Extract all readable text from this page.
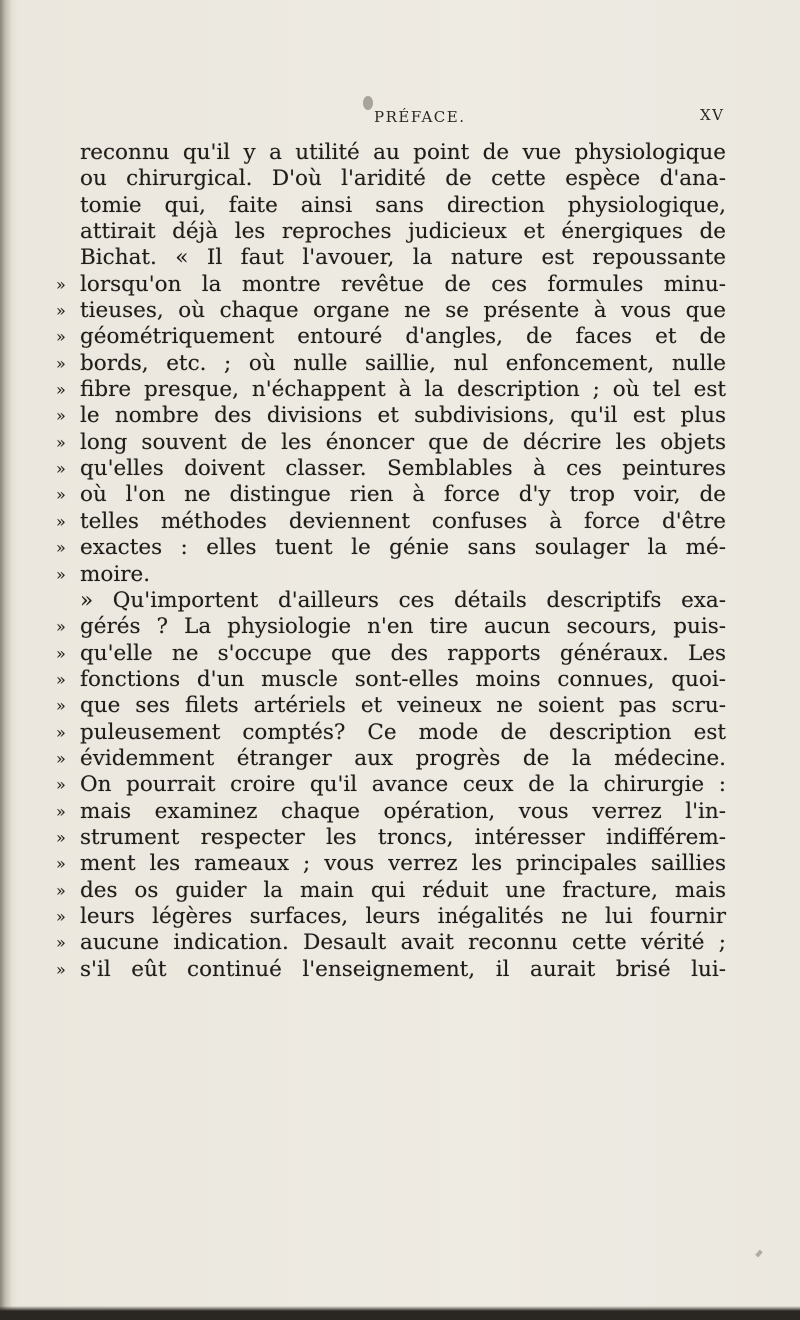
PRÉFACE.	XV
reconnu qu'il y a utilité au point de vue physiologique
ou chirurgical. D'où l'aridité de cette espèce d'ana-
tomie qui, faite ainsi sans direction physiologique,
attirait déjà les reproches judicieux et énergiques de
Bichat. « Il faut l'avouer, la nature est repoussante
» lorsqu'on la montre revêtue de ces formules minu-
» tieuses, où chaque organe ne se présente à vous que
» géométriquement entouré d'angles, de faces et de
» bords, etc. ; où nulle saillie, nul enfoncement, nulle
» fibre presque, n'échappent à la description ; où tel est
» le nombre des divisions et subdivisions, qu'il est plus
» long souvent de les énoncer que de décrire les objets
» qu'elles doivent classer. Semblables à ces peintures
» où l'on ne distingue rien à force d'y trop voir, de
» telles méthodes deviennent confuses à force d'être
» exactes : elles tuent le génie sans soulager la mé-
» moire.
» Qu'importent d'ailleurs ces détails descriptifs exa-
» gérés ? La physiologie n'en tire aucun secours, puis-
» qu'elle ne s'occupe que des rapports généraux. Les
» fonctions d'un muscle sont-elles moins connues, quoi-
» que ses filets artériels et veineux ne soient pas scru-
» puleusement comptés? Ce mode de description est
» évidemment étranger aux progrès de la médecine.
» On pourrait croire qu'il avance ceux de la chirurgie :
» mais examinez chaque opération, vous verrez l'in-
» strument respecter les troncs, intéresser indifférem-
» ment les rameaux ; vous verrez les principales saillies
» des os guider la main qui réduit une fracture, mais
» leurs légères surfaces, leurs inégalités ne lui fournir
» aucune indication. Desault avait reconnu cette vérité ;
» s'il eût continué l'enseignement, il aurait brisé lui-
